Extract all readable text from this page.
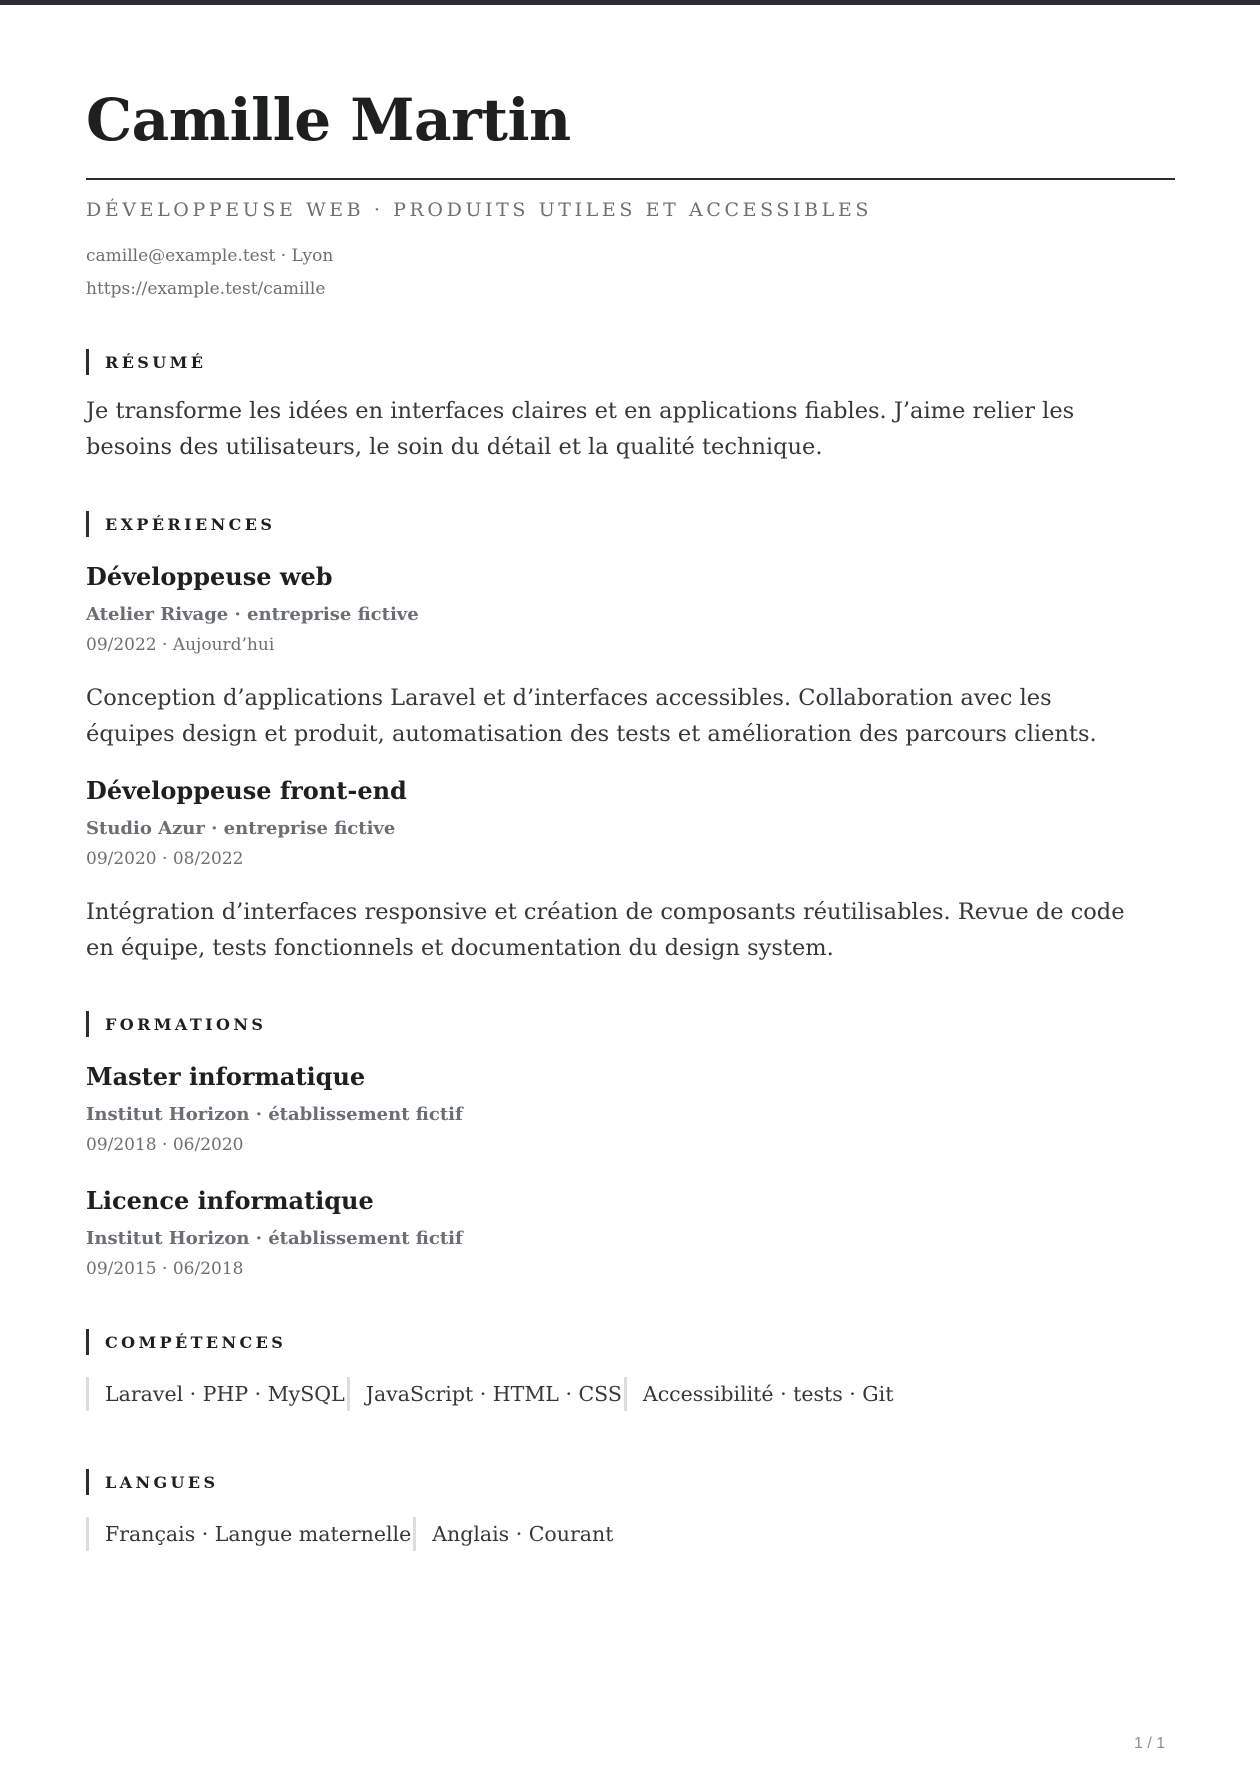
Camille Martin
DÉVELOPPEUSE WEB · PRODUITS UTILES ET ACCESSIBLES
camille@example.test · Lyon
https://example.test/camille
RÉSUMÉ
Je transforme les idées en interfaces claires et en applications fiables. J’aime relier les besoins des utilisateurs, le soin du détail et la qualité technique.
EXPÉRIENCES
Développeuse web
Atelier Rivage · entreprise fictive
09/2022 · Aujourd’hui
Conception d’applications Laravel et d’interfaces accessibles. Collaboration avec les équipes design et produit, automatisation des tests et amélioration des parcours clients.
Développeuse front-end
Studio Azur · entreprise fictive
09/2020 · 08/2022
Intégration d’interfaces responsive et création de composants réutilisables. Revue de code en équipe, tests fonctionnels et documentation du design system.
FORMATIONS
Master informatique
Institut Horizon · établissement fictif
09/2018 · 06/2020
Licence informatique
Institut Horizon · établissement fictif
09/2015 · 06/2018
COMPÉTENCES
Laravel · PHP · MySQL	JavaScript · HTML · CSS	Accessibilité · tests · Git
LANGUES
Français · Langue maternelle	Anglais · Courant
1 / 1
